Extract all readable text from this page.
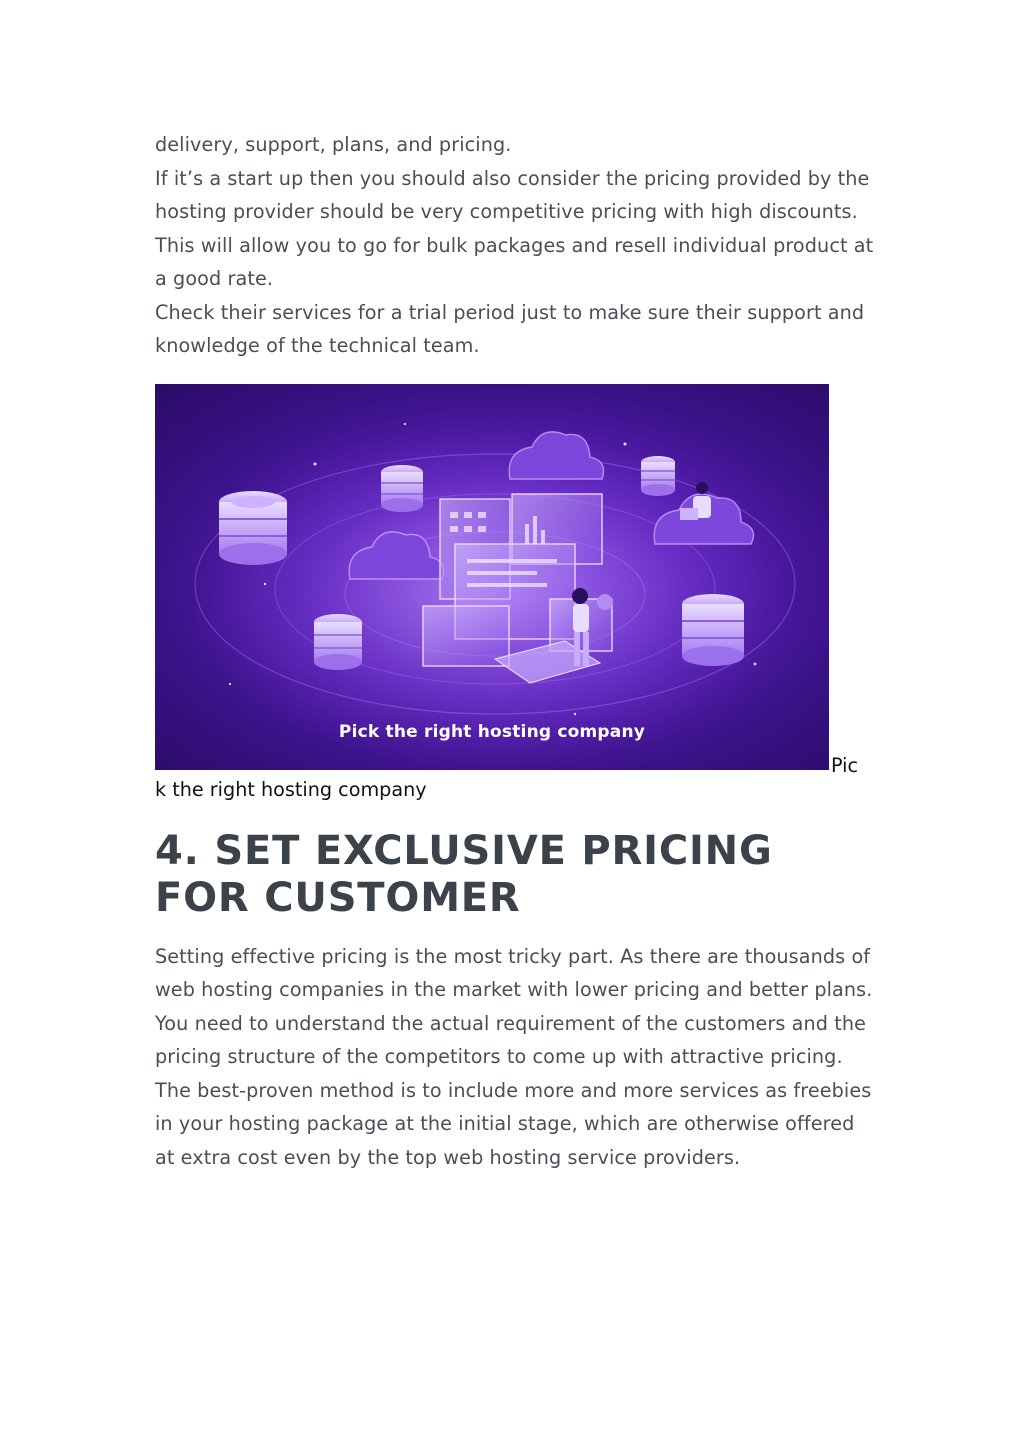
delivery, support, plans, and pricing.

If it’s a start up then you should also consider the pricing provided by the hosting provider should be very competitive pricing with high discounts. This will allow you to go for bulk packages and resell individual product at a good rate.

Check their services for a trial period just to make sure their support and knowledge of the technical team.

Pick the right hosting company
Pic
k the right hosting company
4. SET EXCLUSIVE PRICING FOR CUSTOMER

Setting effective pricing is the most tricky part. As there are thousands of web hosting companies in the market with lower pricing and better plans.

You need to understand the actual requirement of the customers and the pricing structure of the competitors to come up with attractive pricing.

The best-proven method is to include more and more services as freebies in your hosting package at the initial stage, which are otherwise offered at extra cost even by the top web hosting service providers.
